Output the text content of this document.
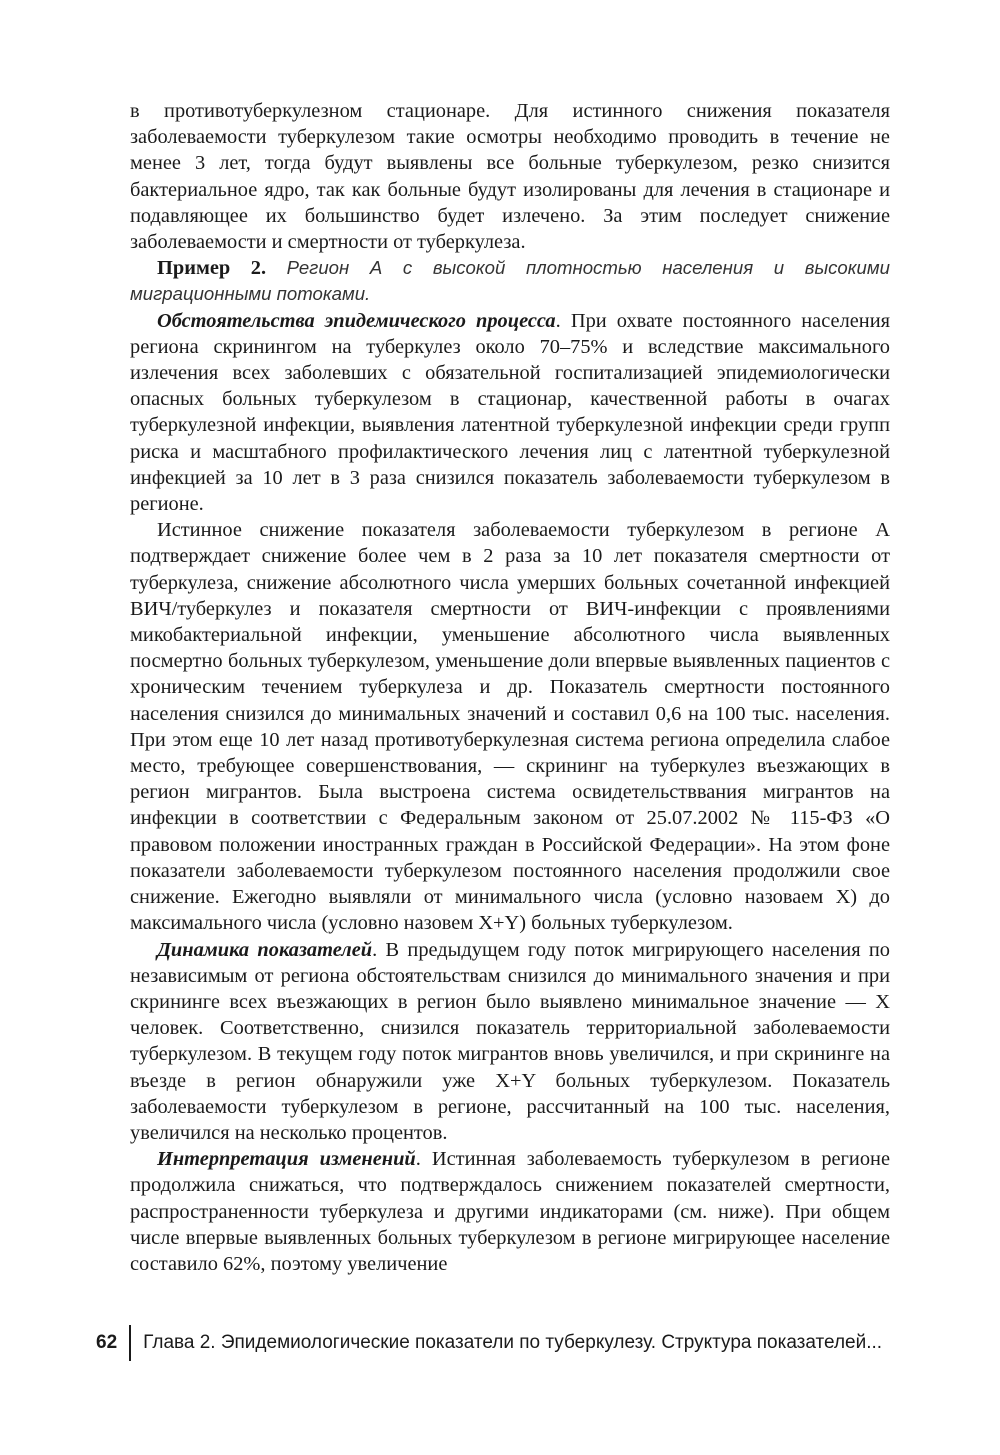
в противотуберкулезном стационаре. Для истинного снижения показателя заболеваемости туберкулезом такие осмотры необходимо проводить в течение не менее 3 лет, тогда будут выявлены все больные туберкулезом, резко снизится бактериальное ядро, так как больные будут изолированы для лечения в стационаре и подавляющее их большинство будет излечено. За этим последует снижение заболеваемости и смертности от туберкулеза.

Пример 2. Регион А с высокой плотностью населения и высокими миграционными потоками.

Обстоятельства эпидемического процесса. При охвате постоянного населения региона скринингом на туберкулез около 70–75% и вследствие максимального излечения всех заболевших с обязательной госпитализацией эпидемиологически опасных больных туберкулезом в стационар, качественной работы в очагах туберкулезной инфекции, выявления латентной туберкулезной инфекции среди групп риска и масштабного профилактического лечения лиц с латентной туберкулезной инфекцией за 10 лет в 3 раза снизился показатель заболеваемости туберкулезом в регионе.

Истинное снижение показателя заболеваемости туберкулезом в регионе А подтверждает снижение более чем в 2 раза за 10 лет показателя смертности от туберкулеза, снижение абсолютного числа умерших больных сочетанной инфекцией ВИЧ/туберкулез и показателя смертности от ВИЧ-инфекции с проявлениями микобактериальной инфекции, уменьшение абсолютного числа выявленных посмертно больных туберкулезом, уменьшение доли впервые выявленных пациентов с хроническим течением туберкулеза и др. Показатель смертности постоянного населения снизился до минимальных значений и составил 0,6 на 100 тыс. населения. При этом еще 10 лет назад противотуберкулезная система региона определила слабое место, требующее совершенствования, — скрининг на туберкулез въезжающих в регион мигрантов. Была выстроена система освидетельстввания мигрантов на инфекции в соответствии с Федеральным законом от 25.07.2002 № 115-ФЗ «О правовом положении иностранных граждан в Российской Федерации». На этом фоне показатели заболеваемости туберкулезом постоянного населения продолжили свое снижение. Ежегодно выявляли от минимального числа (условно назоваем X) до максимального числа (условно назовем X+Y) больных туберкулезом.

Динамика показателей. В предыдущем году поток мигрирующего населения по независимым от региона обстоятельствам снизился до минимального значения и при скрининге всех въезжающих в регион было выявлено минимальное значение — X человек. Соответственно, снизился показатель территориальной заболеваемости туберкулезом. В текущем году поток мигрантов вновь увеличился, и при скрининге на въезде в регион обнаружили уже X+Y больных туберкулезом. Показатель заболеваемости туберкулезом в регионе, рассчитанный на 100 тыс. населения, увеличился на несколько процентов.

Интерпретация изменений. Истинная заболеваемость туберкулезом в регионе продолжила снижаться, что подтверждалось снижением показателей смертности, распространенности туберкулеза и другими индикаторами (см. ниже). При общем числе впервые выявленных больных туберкулезом в регионе мигрирующее население составило 62%, поэтому увеличение

62	Глава 2. Эпидемиологические показатели по туберкулезу. Структура показателей...
